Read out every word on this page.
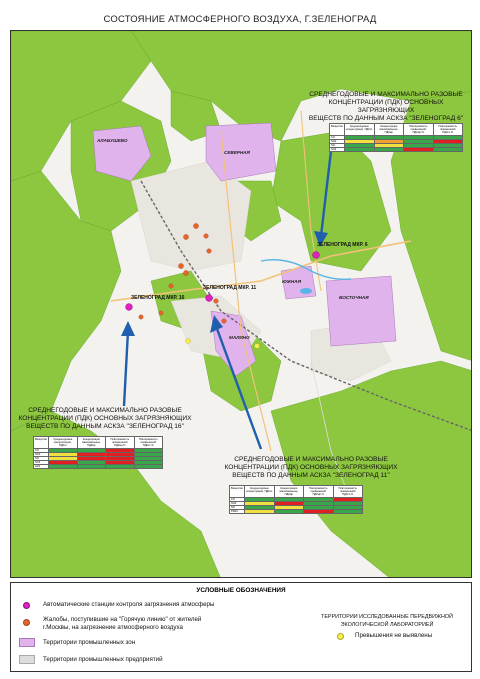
СОСТОЯНИЕ АТМОСФЕРНОГО ВОЗДУХА, Г.ЗЕЛЕНОГРАД
АЛАБУШЕВО
СЕВЕРНАЯ
ЮЖНАЯ
ВОСТОЧНАЯ
МАЛИНО
ЗЕЛЕНОГРАД МКР. 6
ЗЕЛЕНОГРАД МКР. 11
ЗЕЛЕНОГРАД МКР. 16
СРЕДНЕГОДОВЫЕ И МАКСИМАЛЬНО РАЗОВЫЕ
КОНЦЕНТРАЦИИ (ПДК) ОСНОВНЫХ ЗАГРЯЗНЯЮЩИХ
ВЕЩЕСТВ ПО ДАННЫМ АСКЗА "ЗЕЛЕНОГРАД 6"
СРЕДНЕГОДОВЫЕ И МАКСИМАЛЬНО РАЗОВЫЕ
КОНЦЕНТРАЦИИ (ПДК) ОСНОВНЫХ ЗАГРЯЗНЯЮЩИХ
ВЕЩЕСТВ ПО ДАННЫМ АСКЗА "ЗЕЛЕНОГРАД 16"
СРЕДНЕГОДОВЫЕ И МАКСИМАЛЬНО РАЗОВЫЕ
КОНЦЕНТРАЦИИ (ПДК) ОСНОВНЫХ ЗАГРЯЗНЯЮЩИХ
ВЕЩЕСТВ ПО ДАННЫМ АСКЗА "ЗЕЛЕНОГРАД 11"
Вещество	Среднегодовые концентрации, ПДКсс	Концентрации максимальные, ПДКмр	Повторяемость превышений ПДКмр,%	Повторяемость превышений ПДКсс,%
CO				
NO2				
NO				
SO2				
Вещество	Среднегодовые концентрации, ПДКсс	Концентрации максимальные, ПДКмр	Повторяемость превышений ПДКмр,%	Повторяемость превышений ПДКсс,%
CO				
NO2				
NO				
SO2				
H2S				
Вещество	Среднегодовые концентрации, ПДКсс	Концентрации максимальные, ПДКмр	Повторяемость превышений ПДКмр,%	Повторяемость превышений ПДКсс,%
CO				
NO2				
NO				
PM10				
УСЛОВНЫЕ ОБОЗНАЧЕНИЯ
Автоматические станции контроля загрязнения атмосферы
Жалобы, поступившие на "Горячую линию" от жителей
г.Москвы, на загрязнение атмосферного воздуха
Территории промышленных зон
Территории промышленных предприятий
ТЕРРИТОРИИ ИССЛЕДОВАННЫЕ ПЕРЕДВИЖНОЙ
ЭКОЛОГИЧЕСКОЙ ЛАБОРАТОРИЕЙ
Превышения не выявлены
